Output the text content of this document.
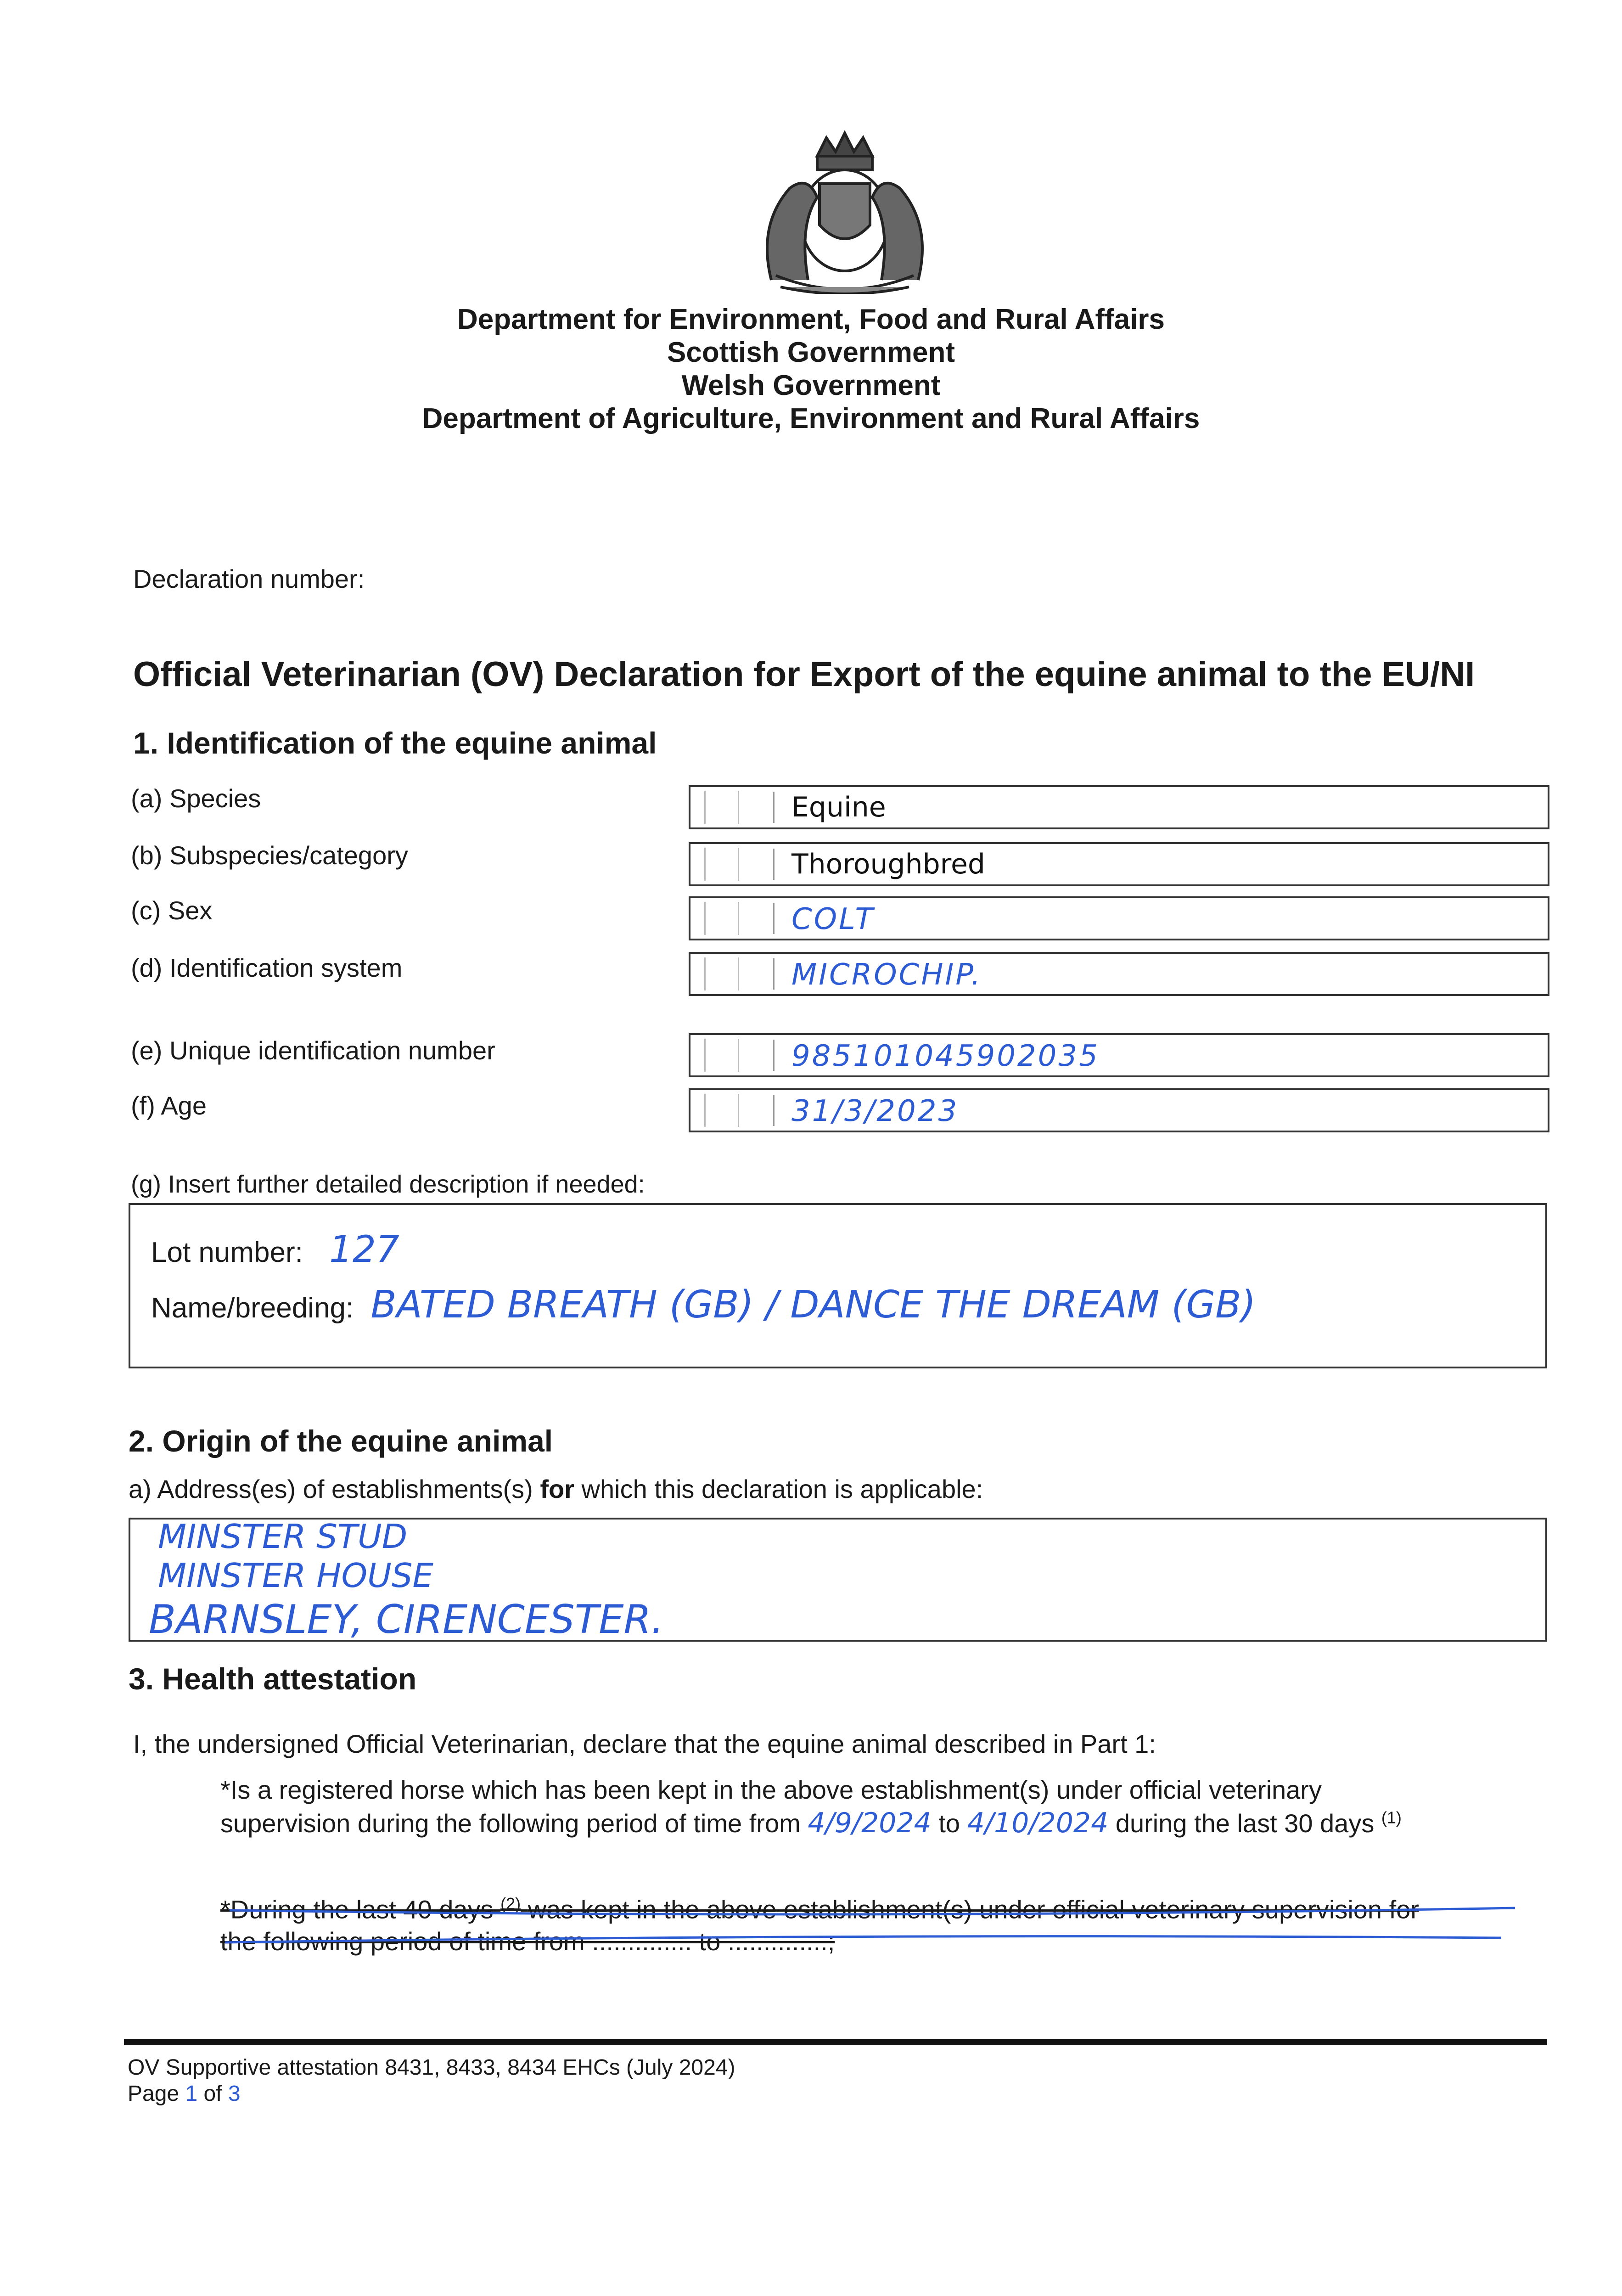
Department for Environment, Food and Rural Affairs
Scottish Government
Welsh Government
Department of Agriculture, Environment and Rural Affairs
Declaration number:
Official Veterinarian (OV) Declaration for Export of the equine animal to the EU/NI
1. Identification of the equine animal
(a) Species
(b) Subspecies/category
(c) Sex
(d) Identification system
(e) Unique identification number
(f) Age
Equine
Thoroughbred
COLT
MICROCHIP.
985101045902035
31/3/2023
(g) Insert further detailed description if needed:
Lot number: 127
Name/breeding: BATED BREATH (GB) / DANCE THE DREAM (GB)
2. Origin of the equine animal
a) Address(es) of establishments(s) for which this declaration is applicable:
MINSTER STUD
MINSTER HOUSE
BARNSLEY, CIRENCESTER.
3. Health attestation
I, the undersigned Official Veterinarian, declare that the equine animal described in Part 1:
*Is a registered horse which has been kept in the above establishment(s) under official veterinary
supervision during the following period of time from 4/9/2024 to 4/10/2024 during the last 30 days $^{(1)}$
*During the last 40 days $^{(2)}$ was kept in the above establishment(s) under official veterinary supervision for
the following period of time from .............. to ..............;
OV Supportive attestation 8431, 8433, 8434 EHCs (July 2024)
Page 1 of 3
